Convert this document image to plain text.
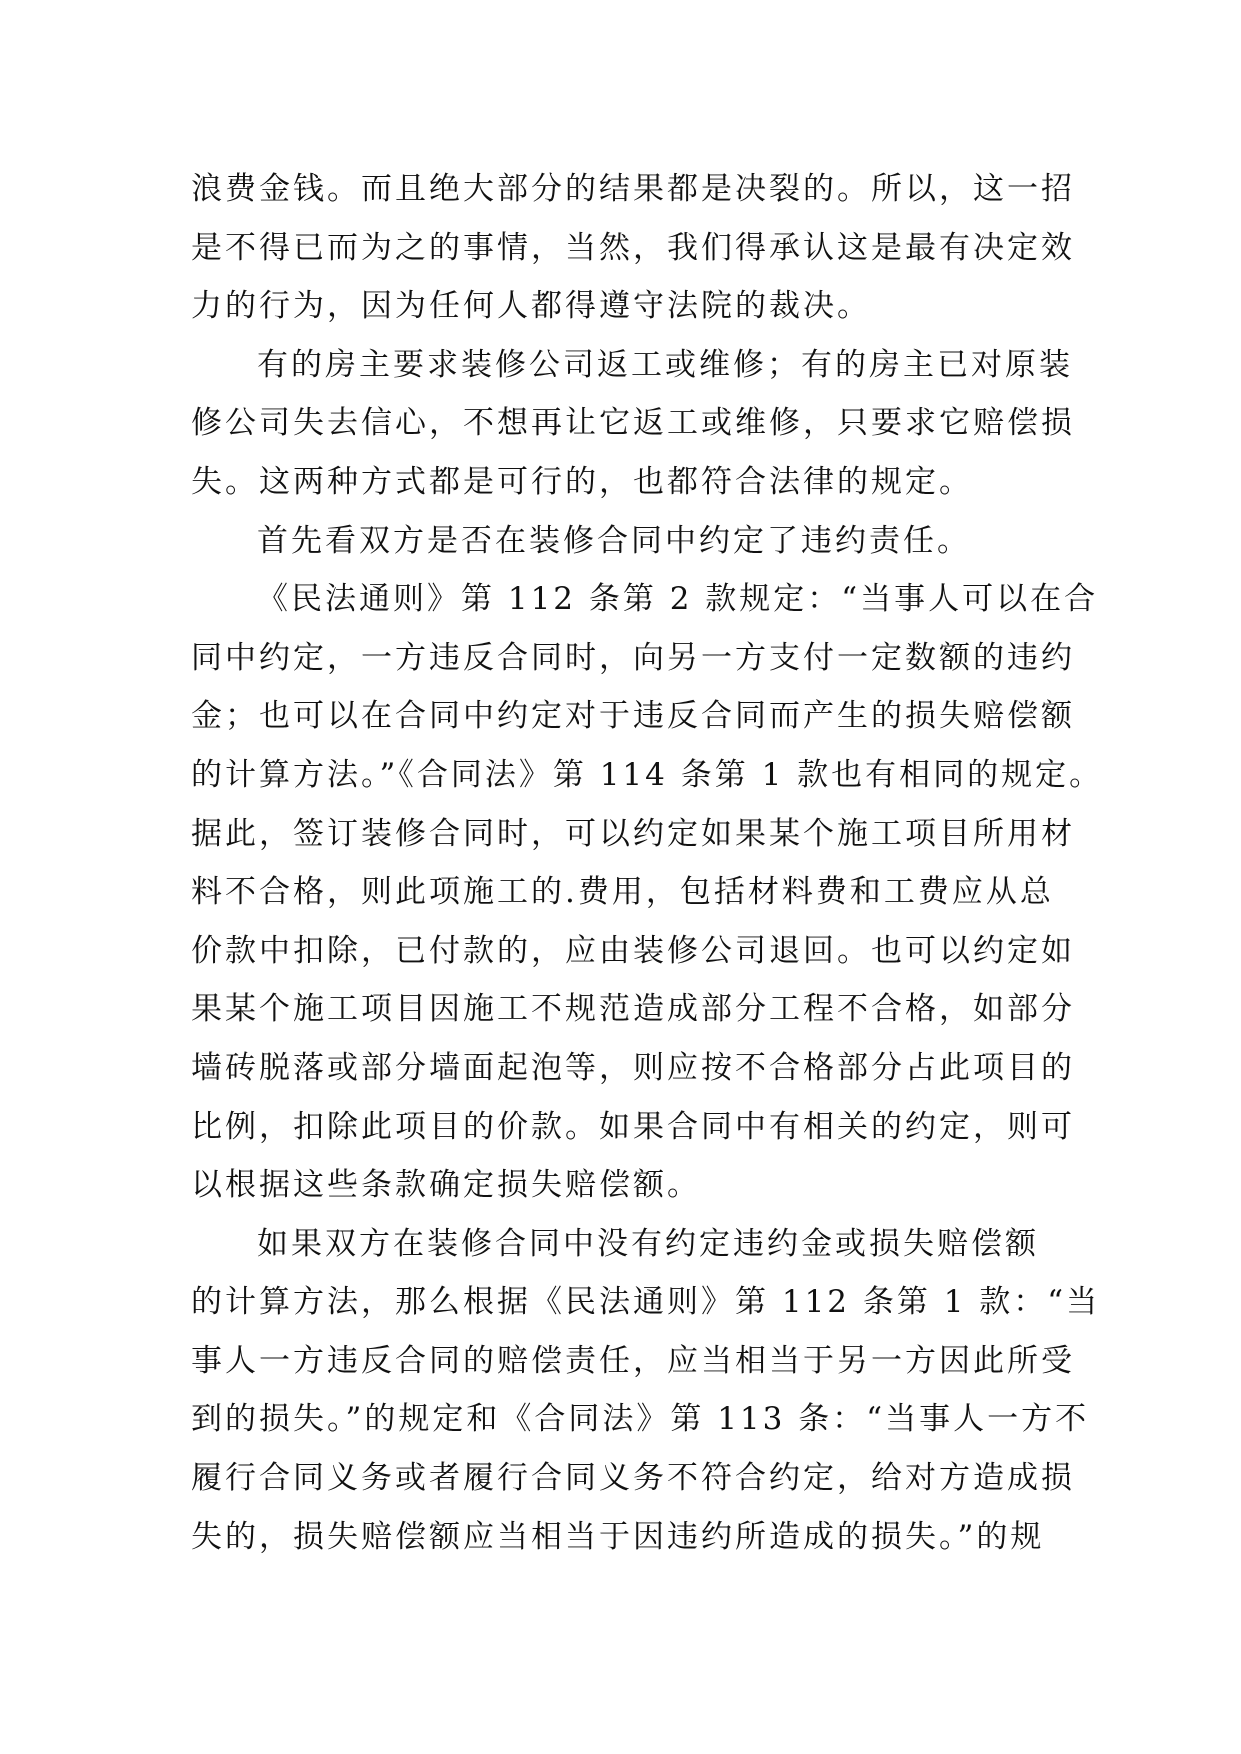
浪费金钱。而且绝大部分的结果都是决裂的。所以，这一招
是不得已而为之的事情，当然，我们得承认这是最有决定效
力的行为，因为任何人都得遵守法院的裁决。

有的房主要求装修公司返工或维修；有的房主已对原装
修公司失去信心，不想再让它返工或维修，只要求它赔偿损
失。这两种方式都是可行的，也都符合法律的规定。

首先看双方是否在装修合同中约定了违约责任。

《民法通则》第 112 条第 2 款规定：“当事人可以在合
同中约定，一方违反合同时，向另一方支付一定数额的违约
金；也可以在合同中约定对于违反合同而产生的损失赔偿额
的计算方法。”《合同法》第 114 条第 1 款也有相同的规定。
据此，签订装修合同时，可以约定如果某个施工项目所用材
料不合格，则此项施工的.费用，包括材料费和工费应从总
价款中扣除，已付款的，应由装修公司退回。也可以约定如
果某个施工项目因施工不规范造成部分工程不合格，如部分
墙砖脱落或部分墙面起泡等，则应按不合格部分占此项目的
比例，扣除此项目的价款。如果合同中有相关的约定，则可
以根据这些条款确定损失赔偿额。

如果双方在装修合同中没有约定违约金或损失赔偿额
的计算方法，那么根据《民法通则》第 112 条第 1 款：“当
事人一方违反合同的赔偿责任，应当相当于另一方因此所受
到的损失。”的规定和《合同法》第 113 条：“当事人一方不
履行合同义务或者履行合同义务不符合约定，给对方造成损
失的，损失赔偿额应当相当于因违约所造成的损失。”的规
